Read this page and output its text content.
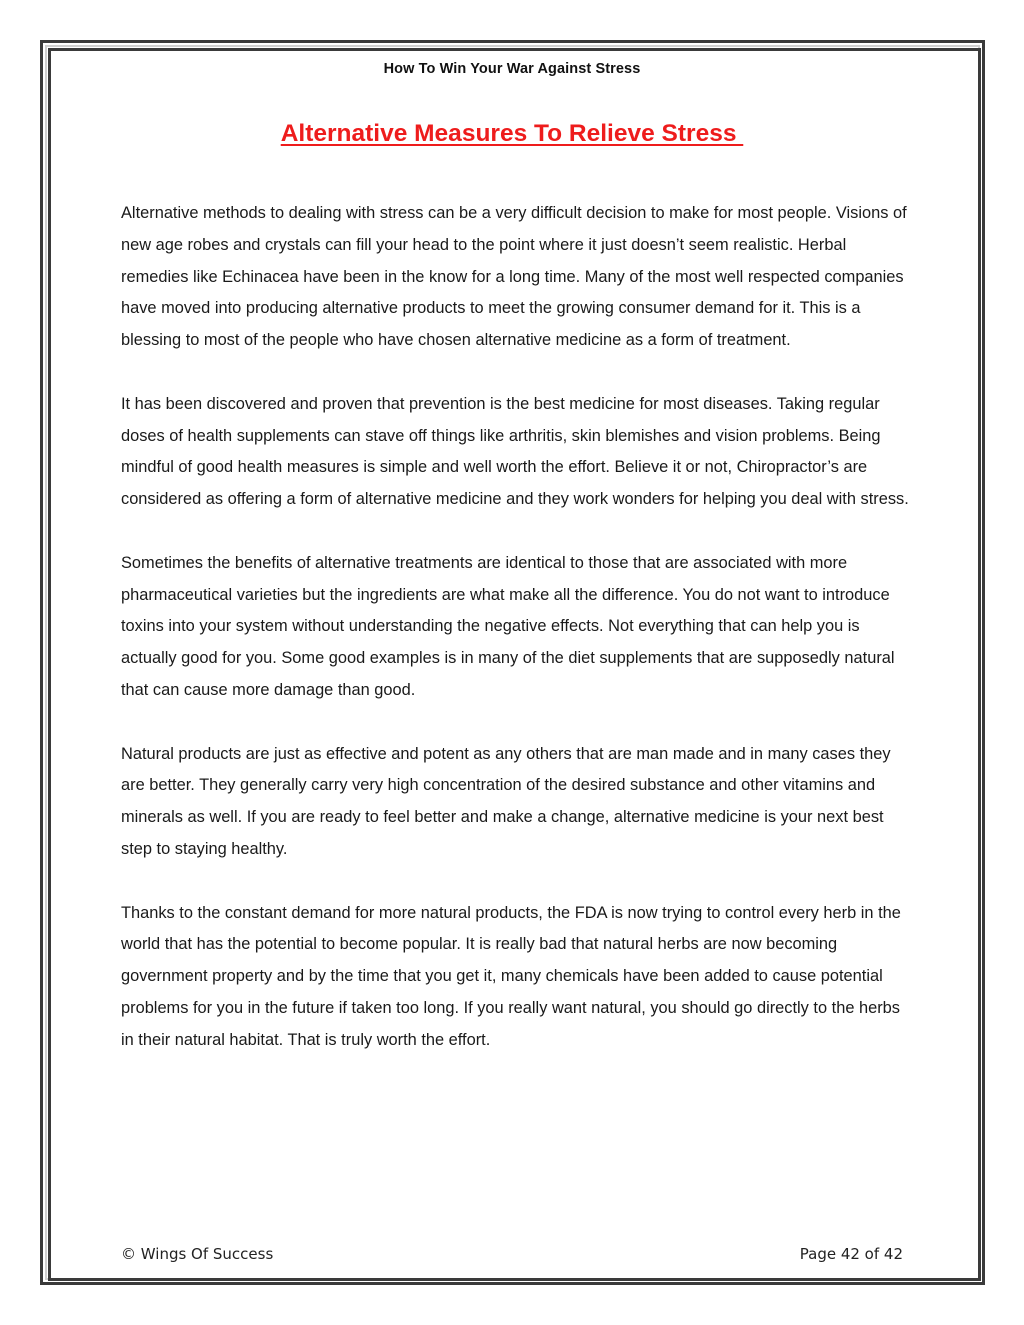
How To Win Your War Against Stress
Alternative Measures To Relieve Stress

Alternative methods to dealing with stress can be a very difficult decision to make for most people. Visions of new age robes and crystals can fill your head to the point where it just doesn’t seem realistic. Herbal remedies like Echinacea have been in the know for a long time. Many of the most well respected companies have moved into producing alternative products to meet the growing consumer demand for it. This is a blessing to most of the people who have chosen alternative medicine as a form of treatment.

It has been discovered and proven that prevention is the best medicine for most diseases. Taking regular doses of health supplements can stave off things like arthritis, skin blemishes and vision problems. Being mindful of good health measures is simple and well worth the effort. Believe it or not, Chiropractor’s are considered as offering a form of alternative medicine and they work wonders for helping you deal with stress.

Sometimes the benefits of alternative treatments are identical to those that are associated with more pharmaceutical varieties but the ingredients are what make all the difference. You do not want to introduce toxins into your system without understanding the negative effects. Not everything that can help you is actually good for you. Some good examples is in many of the diet supplements that are supposedly natural that can cause more damage than good.

Natural products are just as effective and potent as any others that are man made and in many cases they are better. They generally carry very high concentration of the desired substance and other vitamins and minerals as well. If you are ready to feel better and make a change, alternative medicine is your next best step to staying healthy.

Thanks to the constant demand for more natural products, the FDA is now trying to control every herb in the world that has the potential to become popular. It is really bad that natural herbs are now becoming government property and by the time that you get it, many chemicals have been added to cause potential problems for you in the future if taken too long. If you really want natural, you should go directly to the herbs in their natural habitat. That is truly worth the effort.

© Wings Of Success	Page 42 of 42
